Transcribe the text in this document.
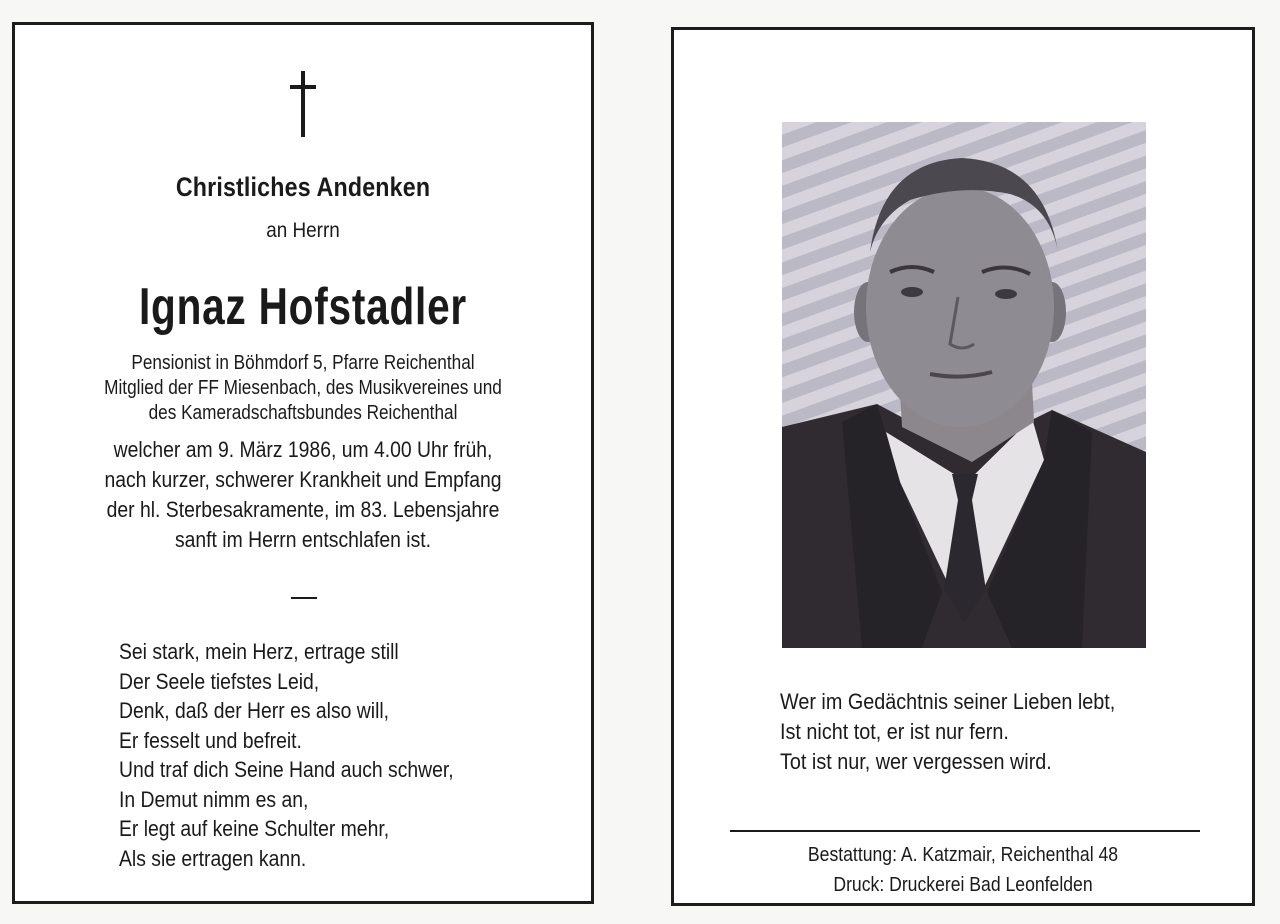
Christliches Andenken
an Herrn
Ignaz Hofstadler
Pensionist in Böhmdorf 5, Pfarre Reichenthal
Mitglied der FF Miesenbach, des Musikvereines und
des Kameradschaftsbundes Reichenthal
welcher am 9. März 1986, um 4.00 Uhr früh,
nach kurzer, schwerer Krankheit und Empfang
der hl. Sterbesakramente, im 83. Lebensjahre
sanft im Herrn entschlafen ist.
Sei stark, mein Herz, ertrage still
Der Seele tiefstes Leid,
Denk, daß der Herr es also will,
Er fesselt und befreit.
Und traf dich Seine Hand auch schwer,
In Demut nimm es an,
Er legt auf keine Schulter mehr,
Als sie ertragen kann.
Wer im Gedächtnis seiner Lieben lebt,
Ist nicht tot, er ist nur fern.
Tot ist nur, wer vergessen wird.
Bestattung: A. Katzmair, Reichenthal 48
Druck: Druckerei Bad Leonfelden
